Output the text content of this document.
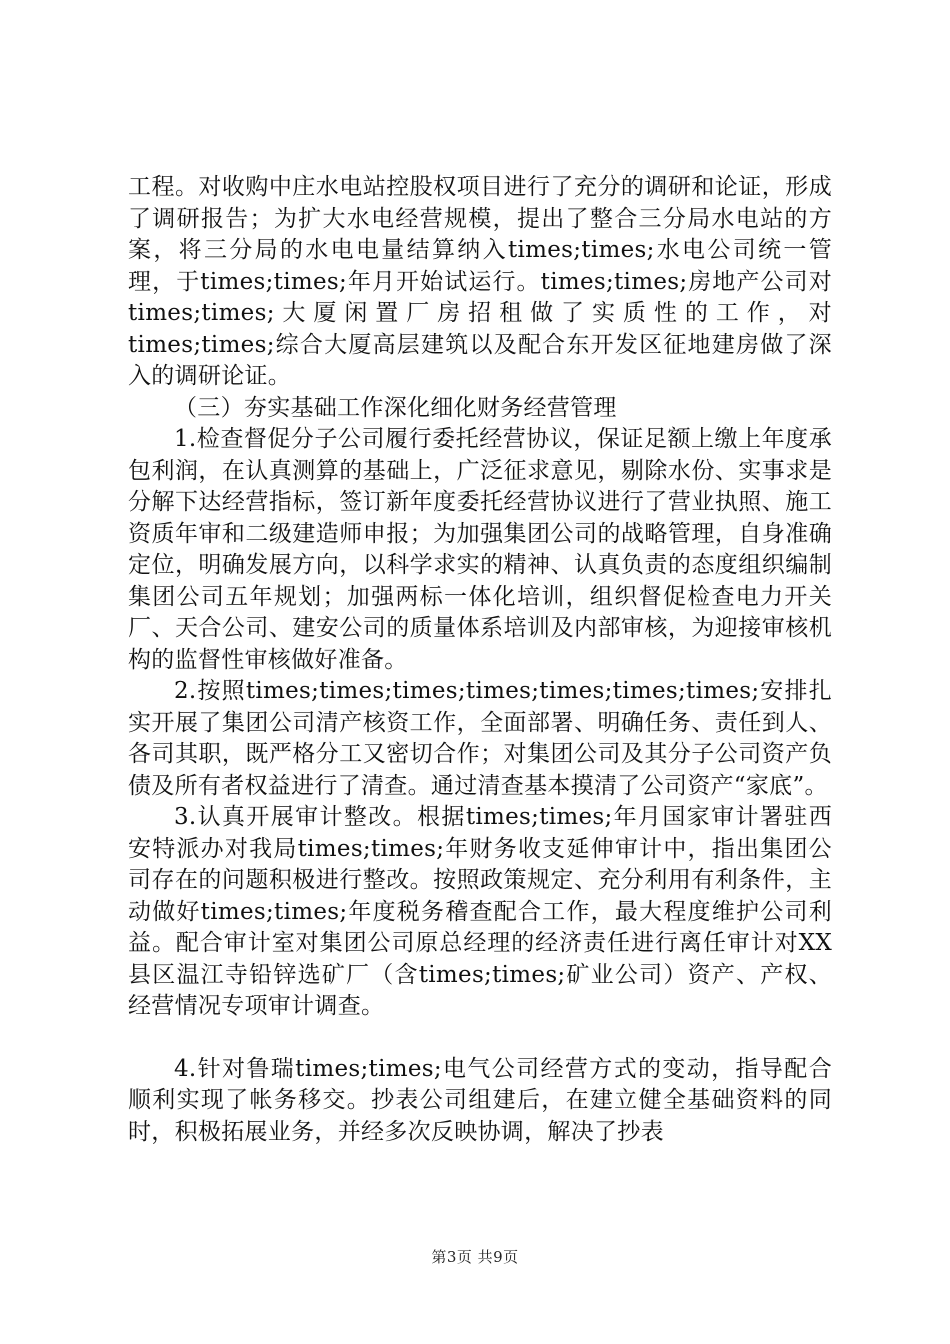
工程。对收购中庄水电站控股权项目进行了充分的调研和论证，形成了调研报告；为扩大水电经营规模，提出了整合三分局水电站的方案，将三分局的水电电量结算纳入times;times;水电公司统一管理，于times;times;年月开始试运行。times;times;房地产公司对times;times;大厦闲置厂房招租做了实质性的工作，对times;times;综合大厦高层建筑以及配合东开发区征地建房做了深入的调研论证。

（三）夯实基础工作深化细化财务经营管理

1.检查督促分子公司履行委托经营协议，保证足额上缴上年度承包利润，在认真测算的基础上，广泛征求意见，剔除水份、实事求是分解下达经营指标，签订新年度委托经营协议进行了营业执照、施工资质年审和二级建造师申报；为加强集团公司的战略管理，自身准确定位，明确发展方向，以科学求实的精神、认真负责的态度组织编制集团公司五年规划；加强两标一体化培训，组织督促检查电力开关厂、天合公司、建安公司的质量体系培训及内部审核，为迎接审核机构的监督性审核做好准备。

2.按照times;times;times;times;times;times;times;安排扎实开展了集团公司清产核资工作，全面部署、明确任务、责任到人、各司其职，既严格分工又密切合作；对集团公司及其分子公司资产负债及所有者权益进行了清查。通过清查基本摸清了公司资产“家底”。

3.认真开展审计整改。根据times;times;年月国家审计署驻西安特派办对我局times;times;年财务收支延伸审计中，指出集团公司存在的问题积极进行整改。按照政策规定、充分利用有利条件，主动做好times;times;年度税务稽查配合工作，最大程度维护公司利益。配合审计室对集团公司原总经理的经济责任进行离任审计对XX县区温江寺铅锌选矿厂（含times;times;矿业公司）资产、产权、经营情况专项审计调查。

4.针对鲁瑞times;times;电气公司经营方式的变动，指导配合顺利实现了帐务移交。抄表公司组建后，在建立健全基础资料的同时，积极拓展业务，并经多次反映协调，解决了抄表

第3页 共9页
